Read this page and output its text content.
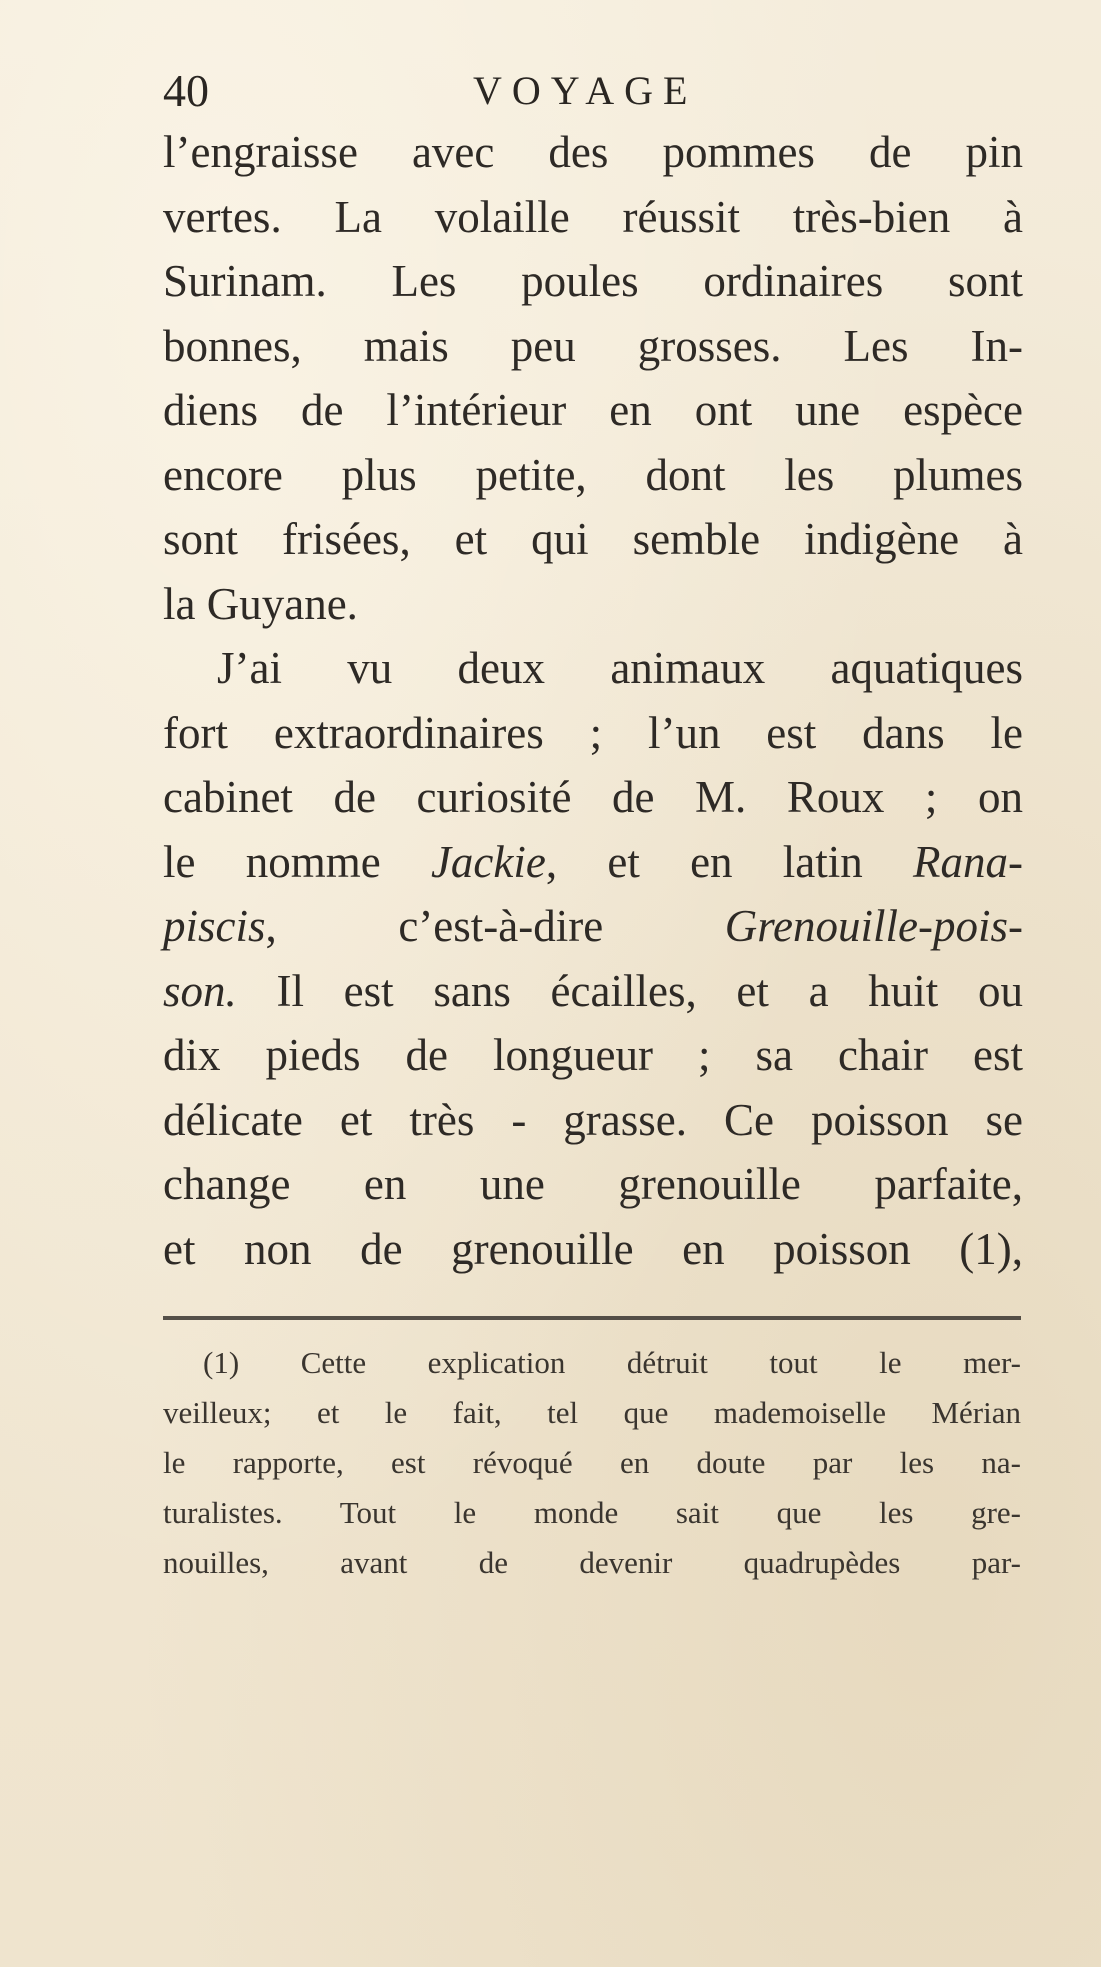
40	VOYAGE
l’engraisse avec des pommes de pin
vertes. La volaille réussit très-bien à
Surinam. Les poules ordinaires sont
bonnes, mais peu grosses. Les In-
diens de l’intérieur en ont une espèce
encore plus petite, dont les plumes
sont frisées, et qui semble indigène à
la Guyane.
J’ai vu deux animaux aquatiques
fort extraordinaires ; l’un est dans le
cabinet de curiosité de M. Roux ; on
le nomme Jackie, et en latin Rana-
piscis, c’est-à-dire Grenouille-pois-
son. Il est sans écailles, et a huit ou
dix pieds de longueur ; sa chair est
délicate et très - grasse. Ce poisson se
change en une grenouille parfaite,
et non de grenouille en poisson (1),
(1) Cette explication détruit tout le mer-
veilleux; et le fait, tel que mademoiselle Mérian
le rapporte, est révoqué en doute par les na-
turalistes. Tout le monde sait que les gre-
nouilles, avant de devenir quadrupèdes par-
